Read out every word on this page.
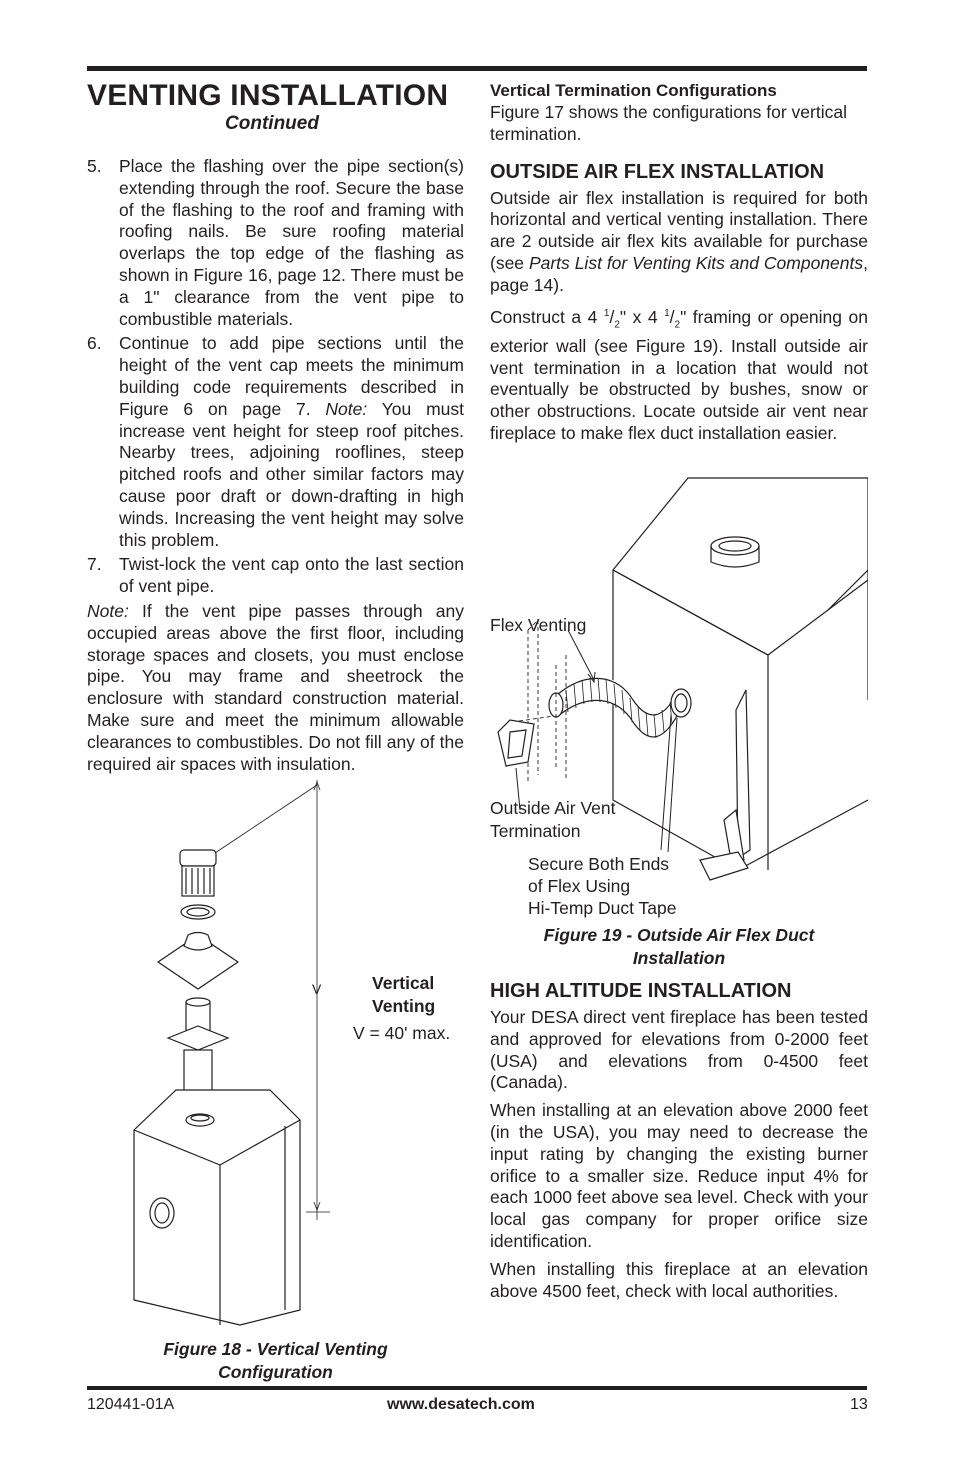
VENTING INSTALLATION
Continued
5. Place the flashing over the pipe section(s) extending through the roof. Secure the base of the flashing to the roof and framing with roofing nails. Be sure roofing material overlaps the top edge of the flashing as shown in Figure 16, page 12. There must be a 1" clearance from the vent pipe to combustible materials.
6. Continue to add pipe sections until the height of the vent cap meets the minimum building code requirements described in Figure 6 on page 7. Note: You must increase vent height for steep roof pitches. Nearby trees, adjoining rooflines, steep pitched roofs and other similar factors may cause poor draft or down-drafting in high winds. Increasing the vent height may solve this problem.
7. Twist-lock the vent cap onto the last section of vent pipe.

Note: If the vent pipe passes through any occupied areas above the first floor, including storage spaces and closets, you must enclose pipe. You may frame and sheetrock the enclosure with standard construction material. Make sure and meet the minimum allowable clearances to combustibles. Do not fill any of the required air spaces with insulation.

V	Vertical
Venting
V = 40' max.
Figure 18 - Vertical Venting
Configuration
Vertical Termination Configurations

Figure 17 shows the configurations for vertical termination.

OUTSIDE AIR FLEX INSTALLATION

Outside air flex installation is required for both horizontal and vertical venting installation. There are 2 outside air flex kits available for purchase (see Parts List for Venting Kits and Components, page 14).

Construct a 4 $^1/_2$" x 4 $^1/_2$" framing or opening on exterior wall (see Figure 19). Install outside air vent termination in a location that would not eventually be obstructed by bushes, snow or other obstructions. Locate outside air vent near fireplace to make flex duct installation easier.

Flex Venting
Outside Air Vent
Termination
Secure Both Ends
of Flex Using
Hi-Temp Duct Tape
Figure 19 - Outside Air Flex Duct
Installation
HIGH ALTITUDE INSTALLATION

Your DESA direct vent fireplace has been tested and approved for elevations from 0-2000 feet (USA) and elevations from 0-4500 feet (Canada).

When installing at an elevation above 2000 feet (in the USA), you may need to decrease the input rating by changing the existing burner orifice to a smaller size. Reduce input 4% for each 1000 feet above sea level. Check with your local gas company for proper orifice size identification.

When installing this fireplace at an elevation above 4500 feet, check with local authorities.

120441-01A	www.desatech.com	13
